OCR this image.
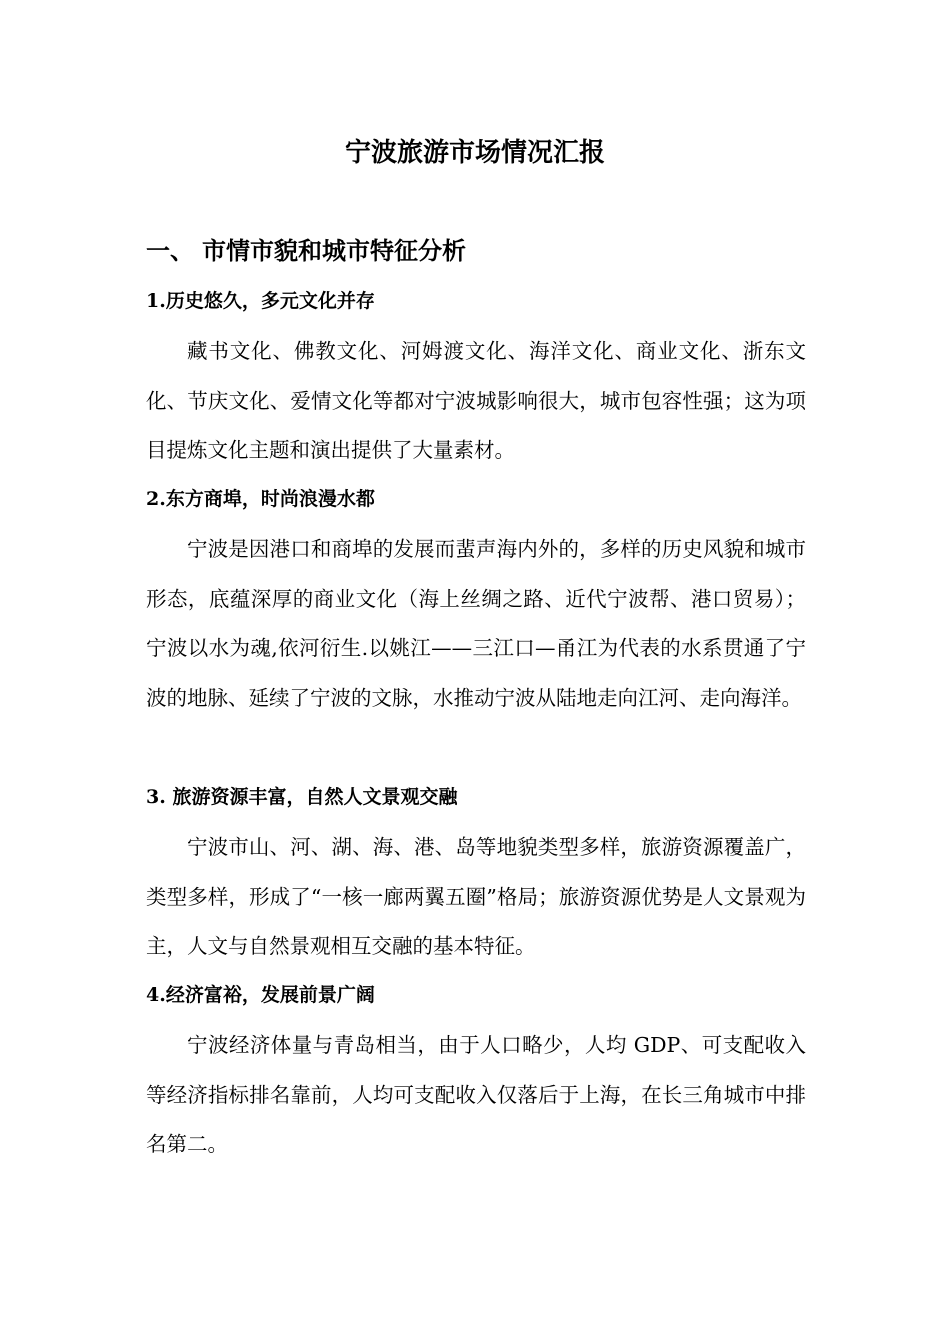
宁波旅游市场情况汇报
一、 市情市貌和城市特征分析
1.历史悠久，多元文化并存

藏书文化、佛教文化、河姆渡文化、海洋文化、商业文化、浙东文化、节庆文化、爱情文化等都对宁波城影响很大，城市包容性强；这为项目提炼文化主题和演出提供了大量素材。

2.东方商埠，时尚浪漫水都

宁波是因港口和商埠的发展而蜚声海内外的，多样的历史风貌和城市形态，底蕴深厚的商业文化（海上丝绸之路、近代宁波帮、港口贸易）；宁波以水为魂,依河衍生.以姚江——三江口—甬江为代表的水系贯通了宁波的地脉、延续了宁波的文脉，水推动宁波从陆地走向江河、走向海洋。

3. 旅游资源丰富，自然人文景观交融

宁波市山、河、湖、海、港、岛等地貌类型多样，旅游资源覆盖广，类型多样，形成了“一核一廊两翼五圈”格局；旅游资源优势是人文景观为主，人文与自然景观相互交融的基本特征。

4.经济富裕，发展前景广阔

宁波经济体量与青岛相当，由于人口略少，人均 GDP、可支配收入等经济指标排名靠前，人均可支配收入仅落后于上海，在长三角城市中排名第二。
